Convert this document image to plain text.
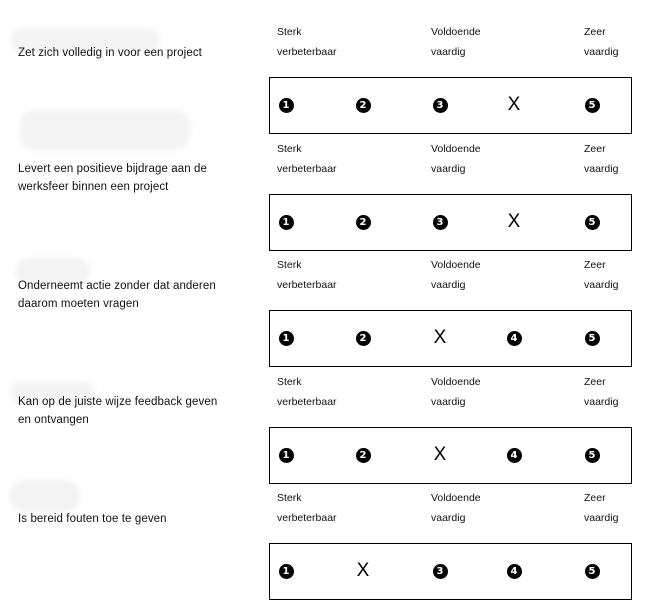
Zet zich volledig in voor een project
Sterk
verbeterbaar
Voldoende
vaardig
Zeer
vaardig
1	2	3	X	5
Levert een positieve bijdrage aan de
werksfeer binnen een project
Sterk
verbeterbaar
Voldoende
vaardig
Zeer
vaardig
1	2	3	X	5
Onderneemt actie zonder dat anderen
daarom moeten vragen
Sterk
verbeterbaar
Voldoende
vaardig
Zeer
vaardig
1	2	X	4	5
Kan op de juiste wijze feedback geven
en ontvangen
Sterk
verbeterbaar
Voldoende
vaardig
Zeer
vaardig
1	2	X	4	5
Is bereid fouten toe te geven
Sterk
verbeterbaar
Voldoende
vaardig
Zeer
vaardig
1	X	3	4	5
